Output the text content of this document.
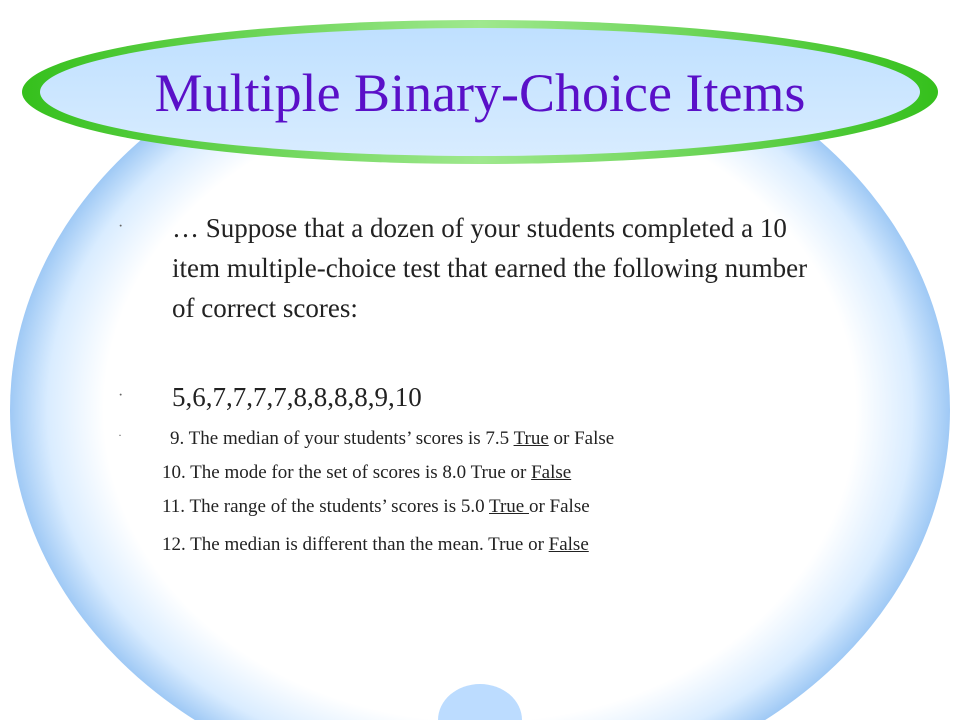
Multiple Binary-Choice Items
· … Suppose that a dozen of your students completed a 10 item multiple-choice test that earned the following number of correct scores:
· 5,6,7,7,7,7,8,8,8,8,9,10
·	9. The median of your students’ scores is 7.5 True or False
10. The mode for the set of scores is 8.0 True or False
11. The range of the students’ scores is 5.0 True or False
12. The median is different than the mean. True or False
